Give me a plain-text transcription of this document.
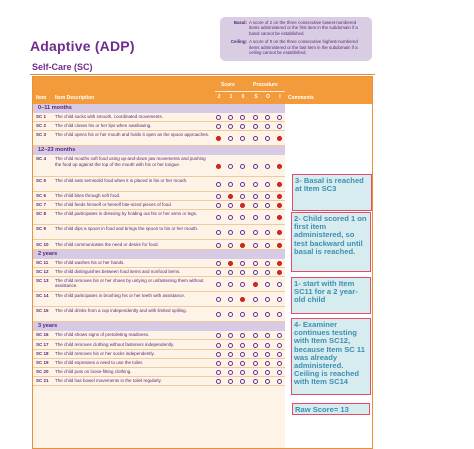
Adaptive (ADP)
Basal: A score of 2 on the three consecutive lowest-numbered items administered or the first item in the subdomain if a basal cannot be established.
Ceiling: A score of 0 on the three consecutive highest-numbered items administered or the last item in the subdomain if a ceiling cannot be established.
Self-Care (SC)
Item Item Description
Score	Procedure
Comments
2	1	0	S	O	I
0–11 months
SC 1	The child sucks with smooth, coordinated movements.
SC 2	The child closes his or her lips when swallowing.
SC 3	The child opens his or her mouth and holds it open as the spoon approaches.
12–23 months
SC 4	The child mouths soft food using up-and-down jaw movements and pushing the food up against the top of the mouth with his or her tongue.
SC 5	The child eats semisolid food when it is placed in his or her mouth.
SC 6	The child bites through soft food.
SC 7	The child feeds himself or herself bite-sized pieces of food.
SC 8	The child participates in dressing by holding out his or her arms or legs.
SC 9	The child dips a spoon in food and brings the spoon to his or her mouth.
SC 10	The child communicates the need or desire for food.
2 years
SC 11	The child washes his or her hands.
SC 12	The child distinguishes between food items and nonfood items.
SC 13	The child removes his or her shoes by untying or unfastening them without assistance.
SC 14	The child participates in brushing his or her teeth with assistance.
SC 15	The child drinks from a cup independently and with limited spilling.
3 years
SC 16	The child shows signs of pretoileting readiness.
SC 17	The child removes clothing without fasteners independently.
SC 18	The child removes his or her socks independently.
SC 19	The child expresses a need to use the toilet.
SC 20	The child puts on loose-fitting clothing.
SC 21	The child has bowel movements in the toilet regularly.
3- Basal is reached at Item SC3
2- Child scored 1 on first item administered, so test backward until basal is reached.
1- start with Item SC11 for a 2 year-old child
4- Examiner continues testing with Item SC12, because Item SC 11 was already administered. Ceiling is reached with Item SC14
Raw Score= 13
